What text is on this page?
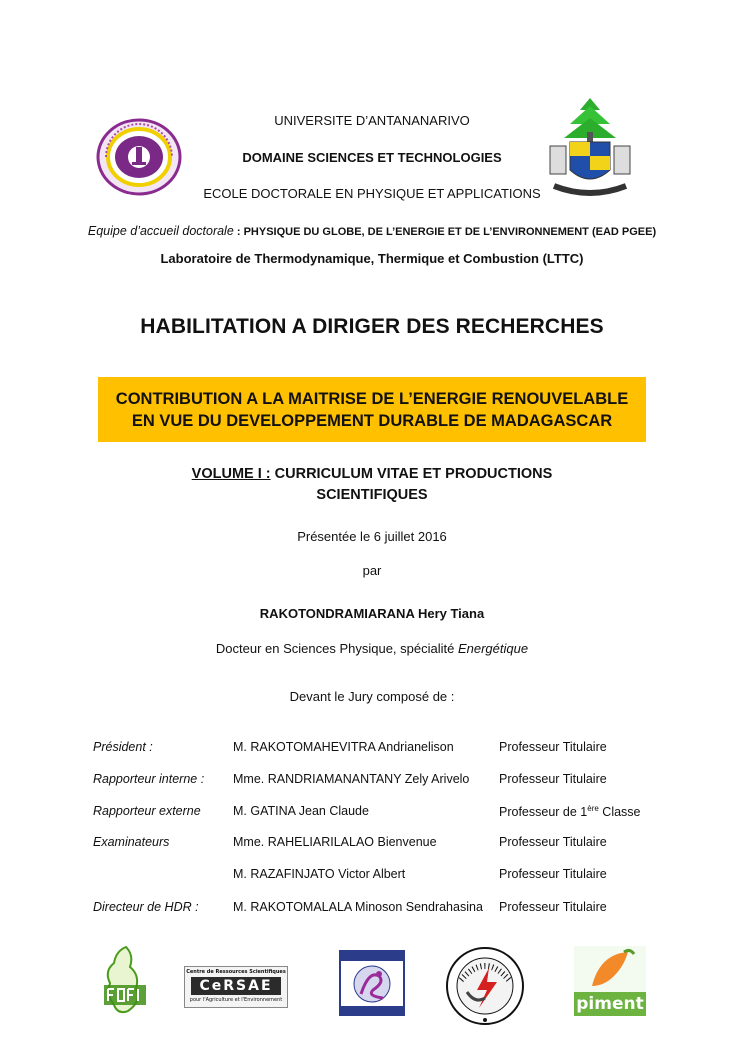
UNIVERSITE D’ANTANANARIVO
DOMAINE SCIENCES ET TECHNOLOGIES
ECOLE DOCTORALE EN PHYSIQUE ET APPLICATIONS
Equipe d’accueil doctorale : PHYSIQUE DU GLOBE, DE L’ENERGIE ET DE L’ENVIRONNEMENT (EAD PGEE)
Laboratoire de Thermodynamique, Thermique et Combustion (LTTC)
HABILITATION A DIRIGER DES RECHERCHES
CONTRIBUTION A LA MAITRISE DE L’ENERGIE RENOUVELABLE
EN VUE DU DEVELOPPEMENT DURABLE DE MADAGASCAR
VOLUME I : CURRICULUM VITAE ET PRODUCTIONS
SCIENTIFIQUES
Présentée le 6 juillet 2016
par
RAKOTONDRAMIARANA Hery Tiana
Docteur en Sciences Physique, spécialité Energétique
Devant le Jury composé de :
Président :	M. RAKOTOMAHEVITRA Andrianelison	Professeur Titulaire
Rapporteur interne : Mme. RANDRIAMANANTANY Zely Arivelo Professeur Titulaire
Rapporteur externe	M. GATINA Jean Claude	Professeur de 1ère Classe
Examinateurs	Mme. RAHELIARILALAO Bienvenue	Professeur Titulaire
M. RAZAFINJATO Victor Albert	Professeur Titulaire
Directeur de HDR :	M. RAKOTOMALALA Minoson Sendrahasina Professeur Titulaire
Centre de Ressources Scientifiques
CeRSAE
pour l'Agriculture et l'Environnement	piment
